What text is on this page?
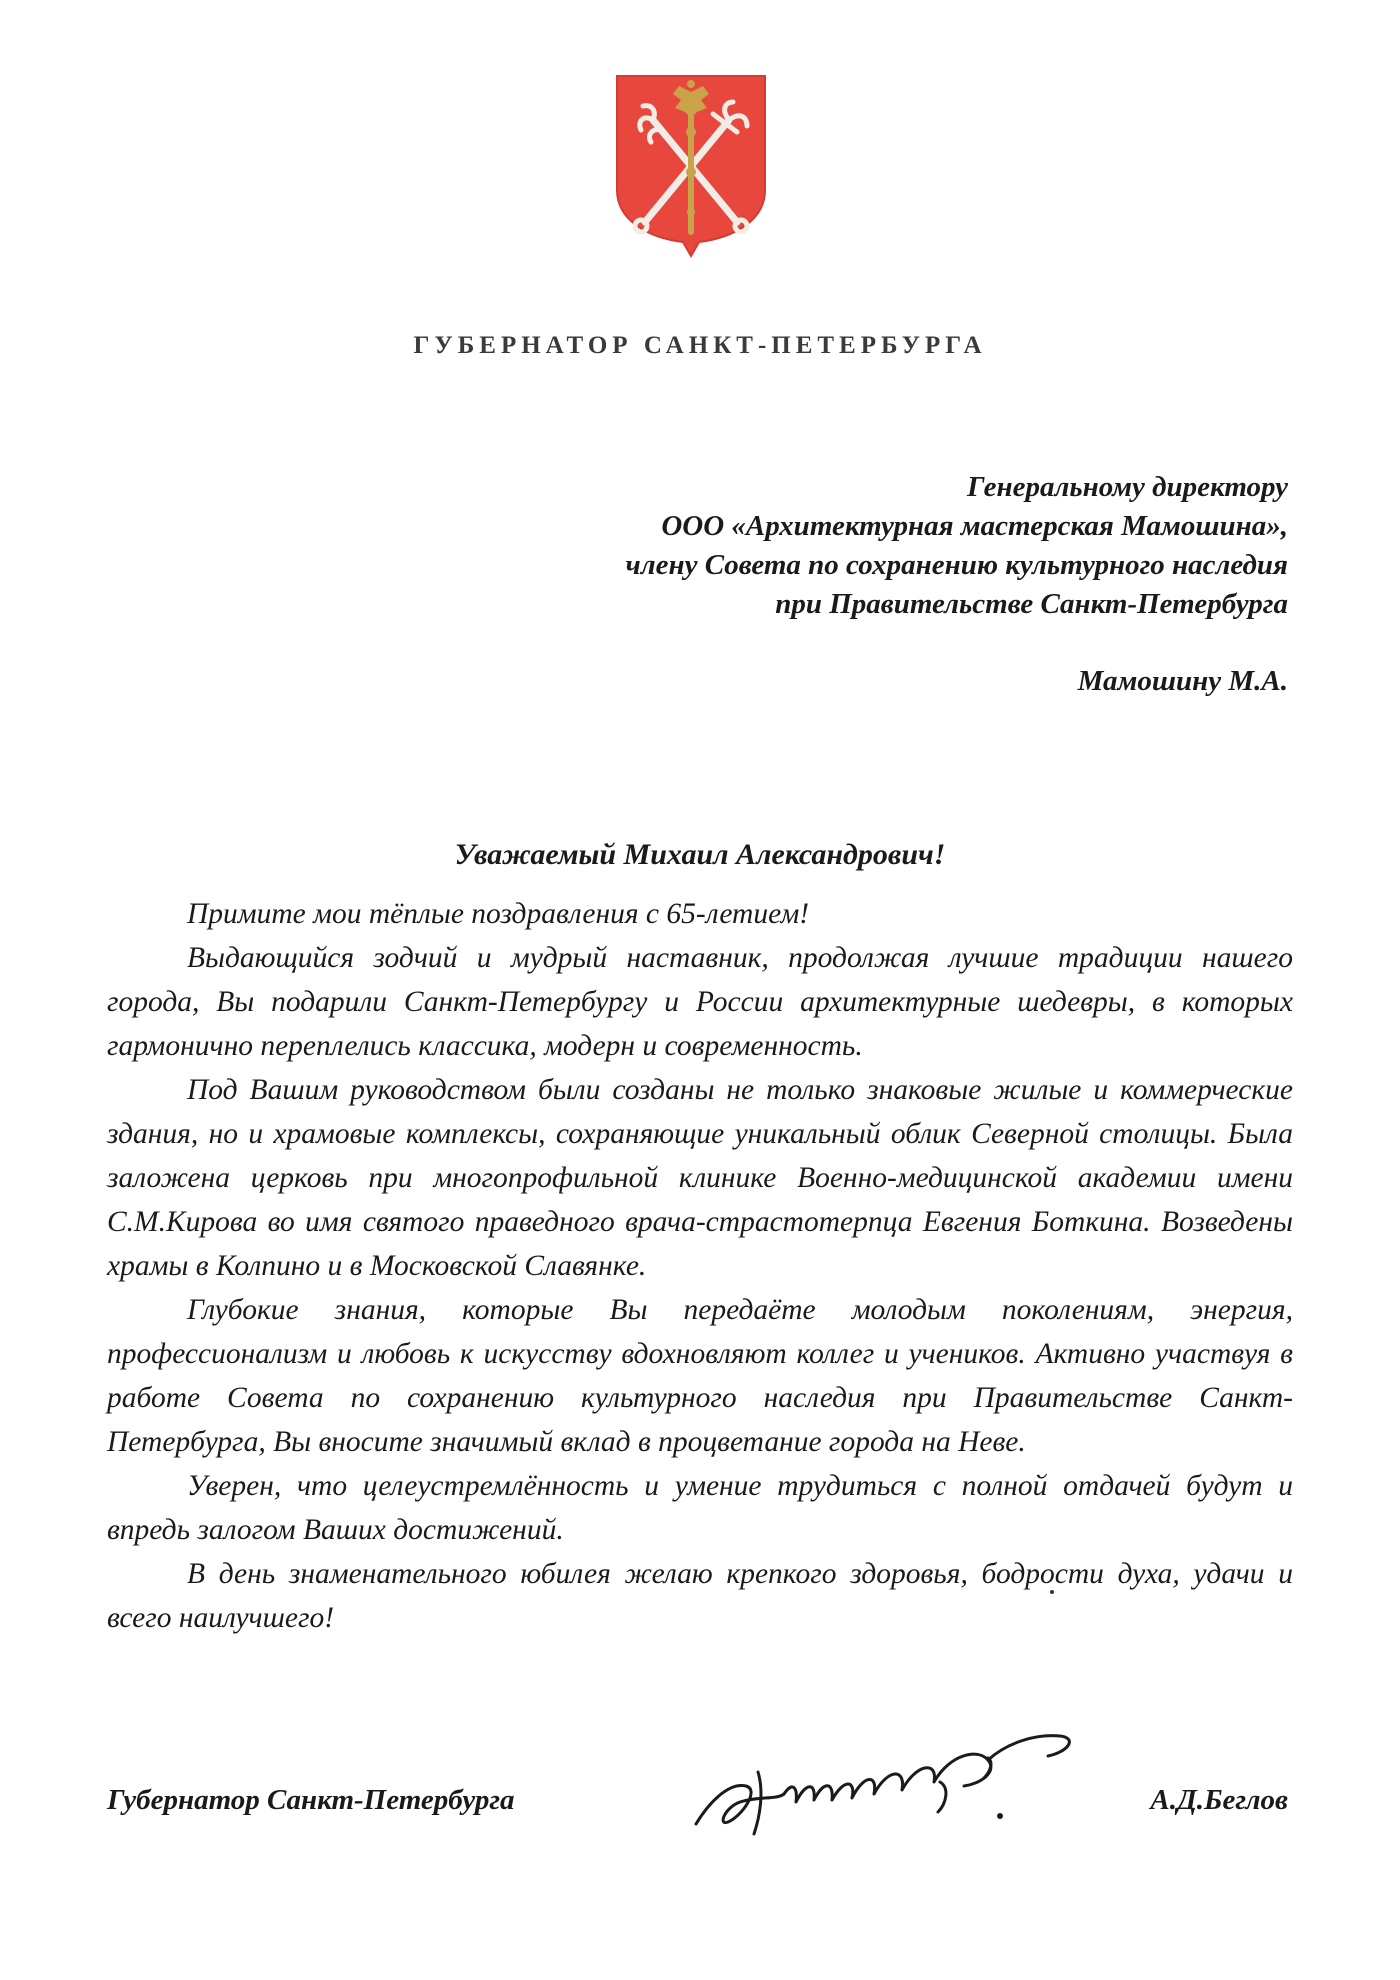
ГУБЕРНАТОР САНКТ-ПЕТЕРБУРГА
Генеральному директору
ООО «Архитектурная мастерская Мамошина»,
члену Совета по сохранению культурного наследия
при Правительстве Санкт-Петербурга
Мамошину М.А.
Уважаемый Михаил Александрович!

Примите мои тёплые поздравления с 65-летием!

Выдающийся зодчий и мудрый наставник, продолжая лучшие традиции нашего города, Вы подарили Санкт-Петербургу и России архитектурные шедевры, в которых гармонично переплелись классика, модерн и современность.

Под Вашим руководством были созданы не только знаковые жилые и коммерческие здания, но и храмовые комплексы, сохраняющие уникальный облик Северной столицы. Была заложена церковь при многопрофильной клинике Военно-медицинской академии имени С.М.Кирова во имя святого праведного врача-страстотерпца Евгения Боткина. Возведены храмы в Колпино и в Московской Славянке.

Глубокие знания, которые Вы передаёте молодым поколениям, энергия, профессионализм и любовь к искусству вдохновляют коллег и учеников. Активно участвуя в работе Совета по сохранению культурного наследия при Правительстве Санкт-Петербурга, Вы вносите значимый вклад в процветание города на Неве.

Уверен, что целеустремлённость и умение трудиться с полной отдачей будут и впредь залогом Ваших достижений.

В день знаменательного юбилея желаю крепкого здоровья, бодрости духа, удачи и всего наилучшего!

Губернатор Санкт-Петербурга	А.Д.Беглов
